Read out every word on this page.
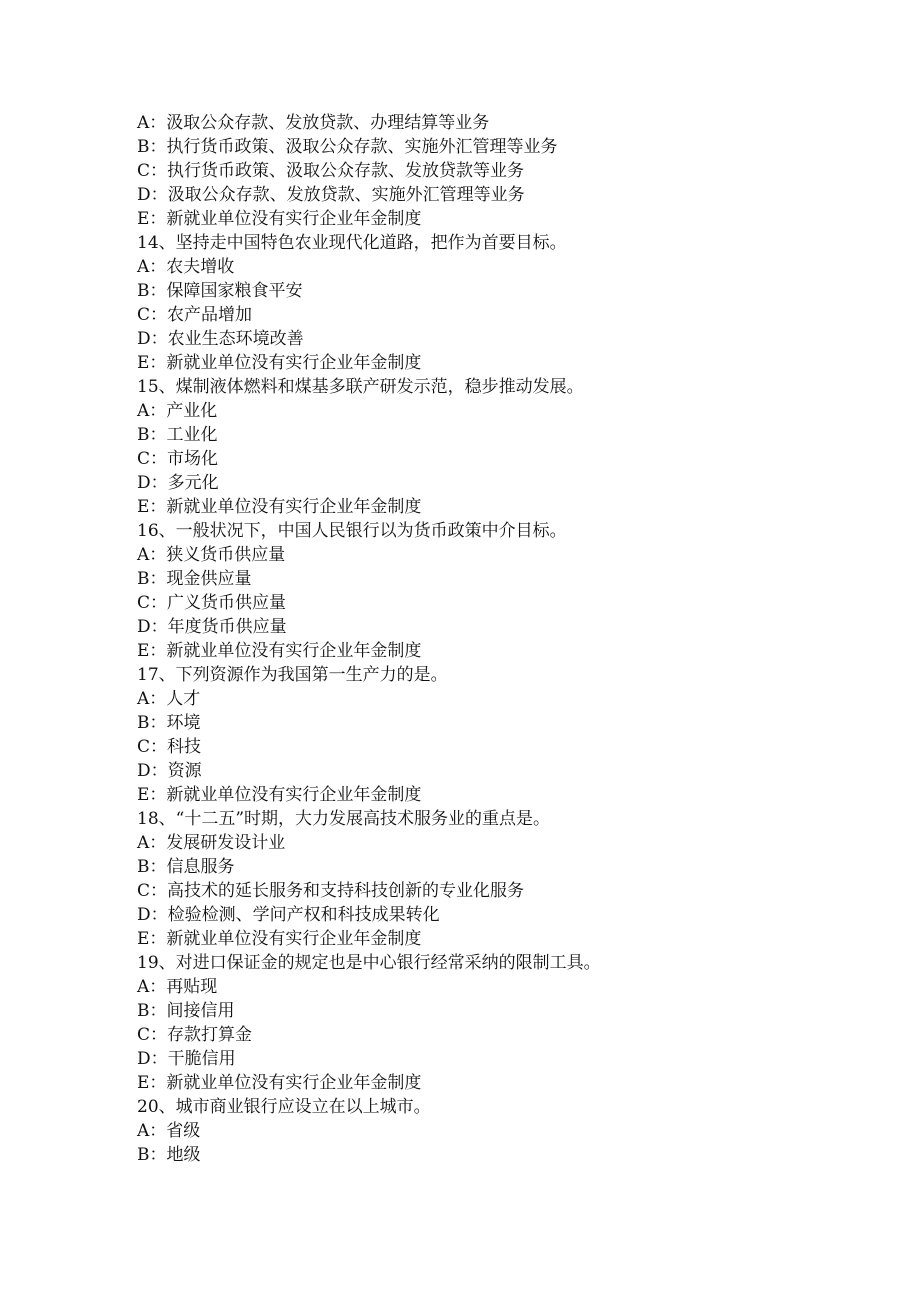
A：汲取公众存款、发放贷款、办理结算等业务

B：执行货币政策、汲取公众存款、实施外汇管理等业务

C：执行货币政策、汲取公众存款、发放贷款等业务

D：汲取公众存款、发放贷款、实施外汇管理等业务

E：新就业单位没有实行企业年金制度

14、坚持走中国特色农业现代化道路，把作为首要目标。

A：农夫增收

B：保障国家粮食平安

C：农产品增加

D：农业生态环境改善

E：新就业单位没有实行企业年金制度

15、煤制液体燃料和煤基多联产研发示范，稳步推动发展。

A：产业化

B：工业化

C：市场化

D：多元化

E：新就业单位没有实行企业年金制度

16、一般状况下，中国人民银行以为货币政策中介目标。

A：狭义货币供应量

B：现金供应量

C：广义货币供应量

D：年度货币供应量

E：新就业单位没有实行企业年金制度

17、下列资源作为我国第一生产力的是。

A：人才

B：环境

C：科技

D：资源

E：新就业单位没有实行企业年金制度

18、“十二五”时期，大力发展高技术服务业的重点是。

A：发展研发设计业

B：信息服务

C：高技术的延长服务和支持科技创新的专业化服务

D：检验检测、学问产权和科技成果转化

E：新就业单位没有实行企业年金制度

19、对进口保证金的规定也是中心银行经常采纳的限制工具。

A：再贴现

B：间接信用

C：存款打算金

D：干脆信用

E：新就业单位没有实行企业年金制度

20、城市商业银行应设立在以上城市。

A：省级

B：地级
